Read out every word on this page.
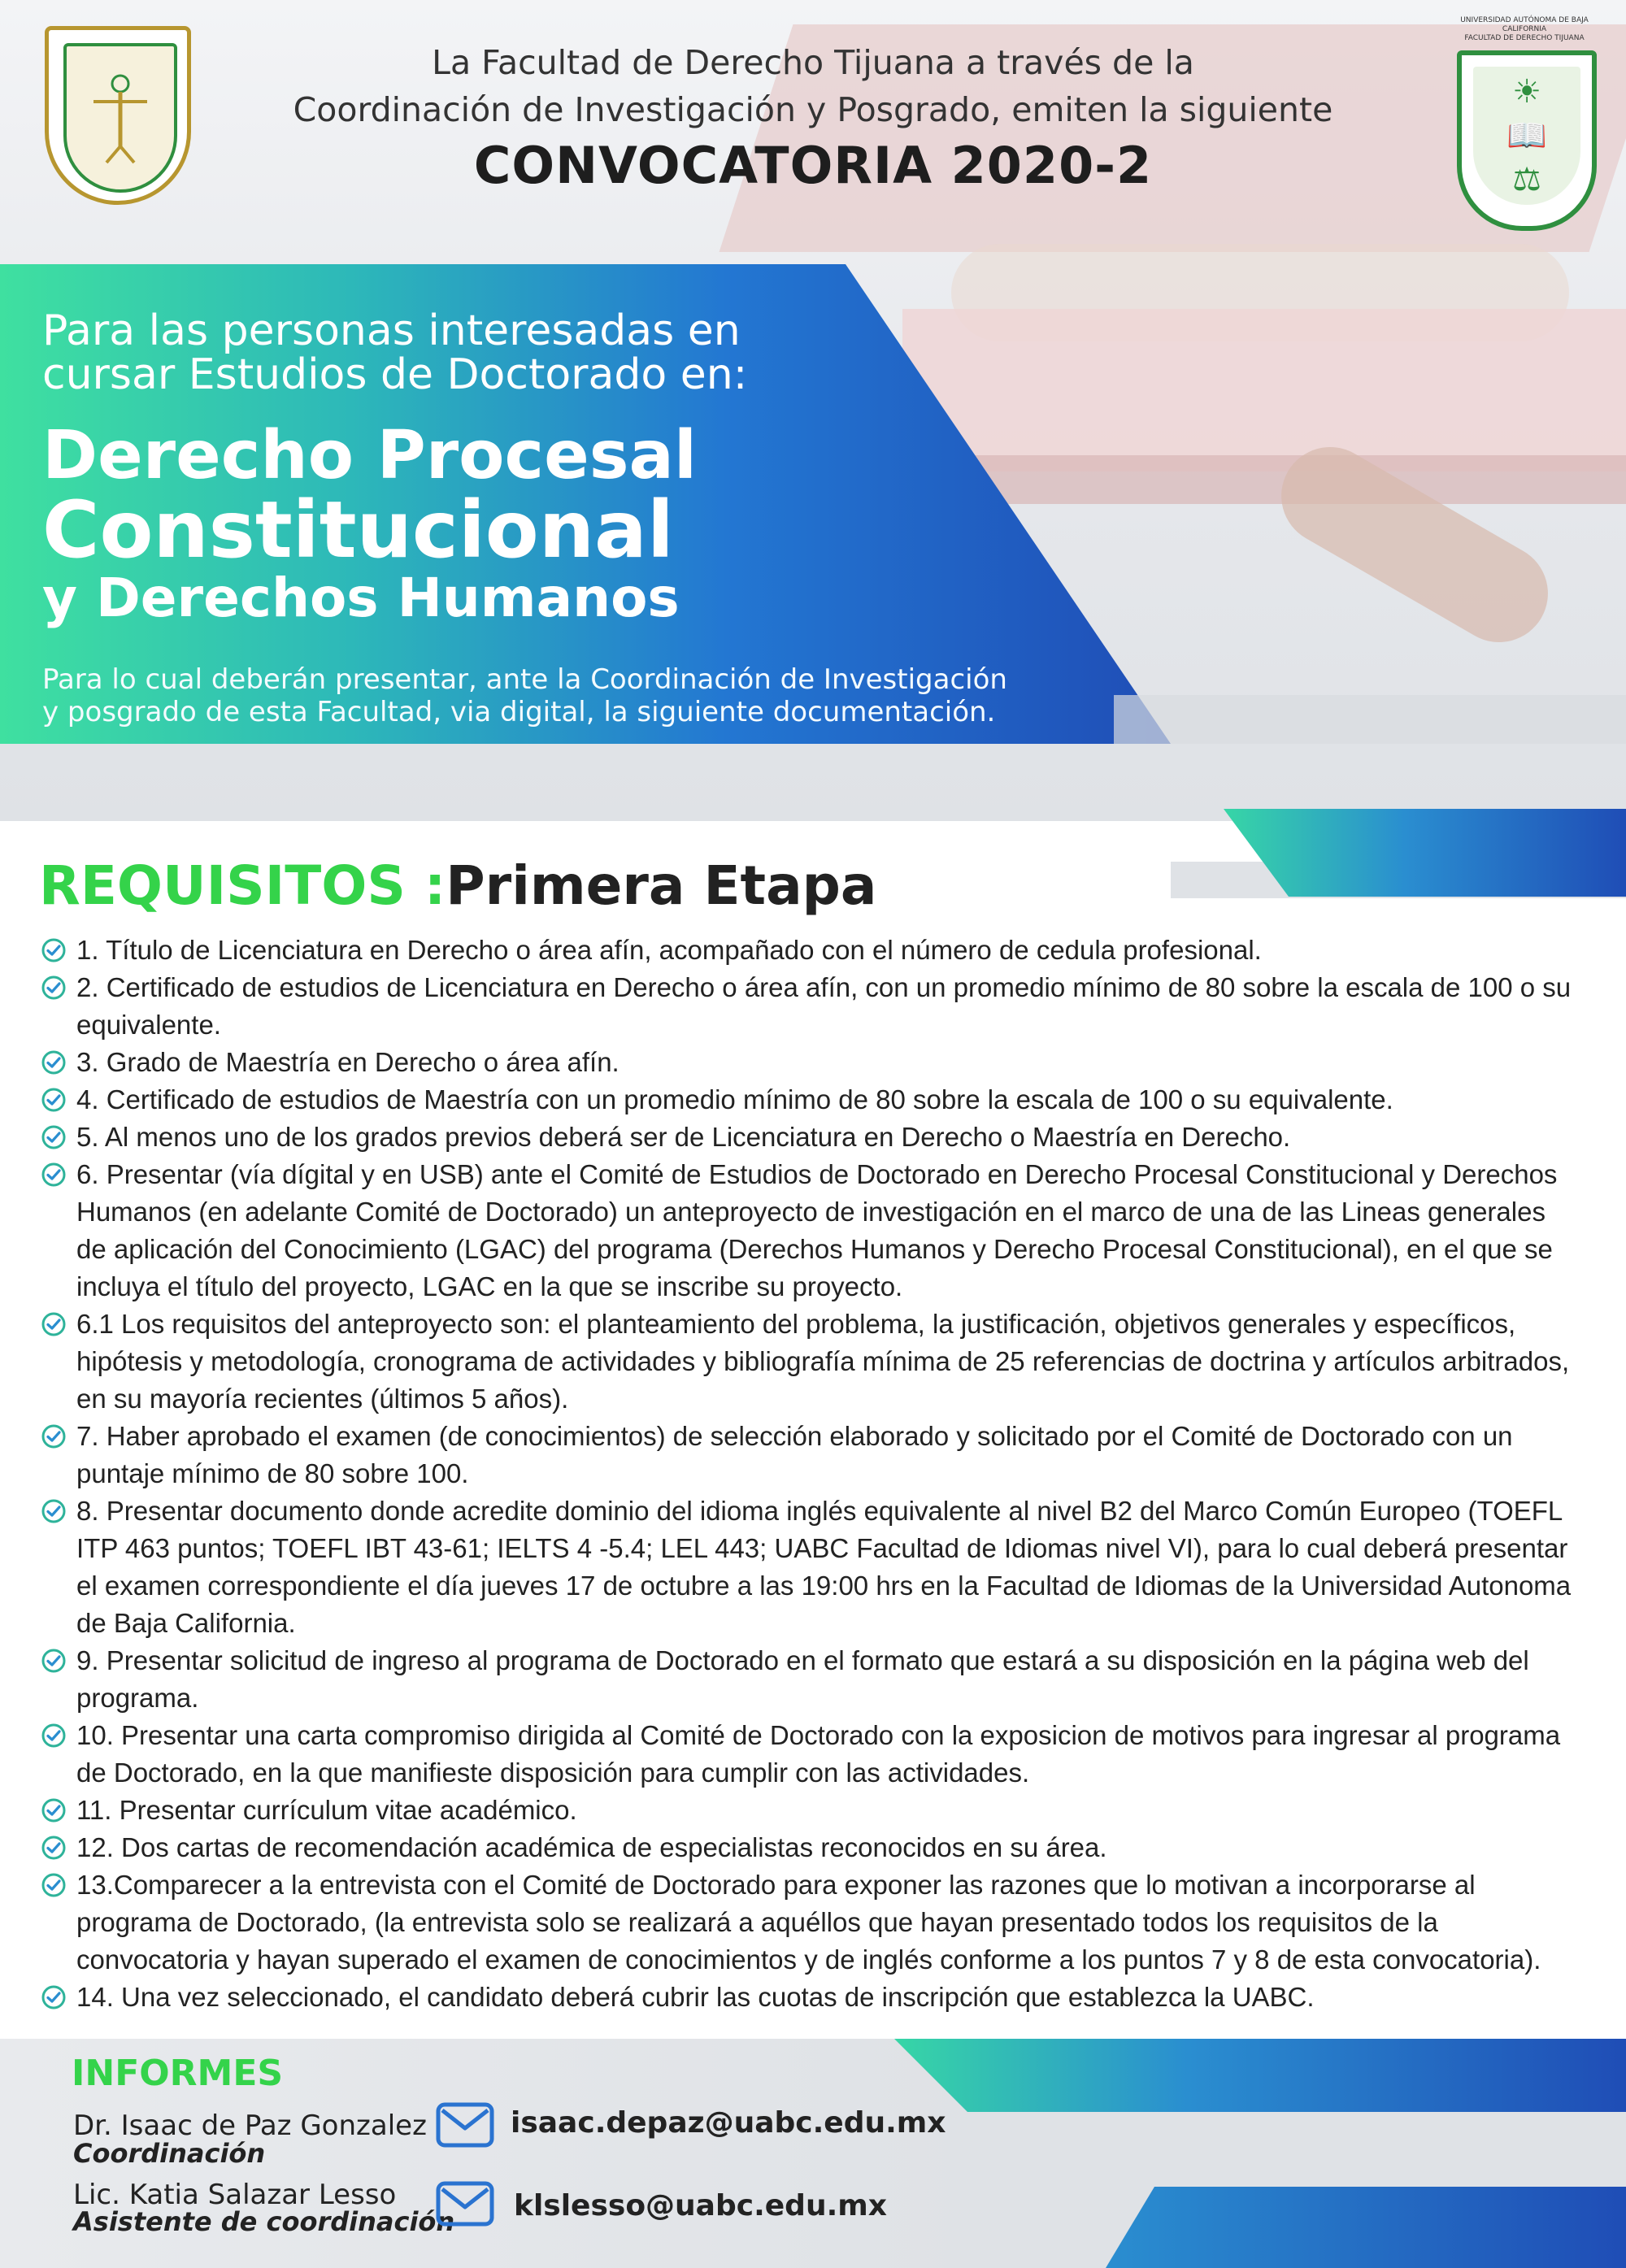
La Facultad de Derecho Tijuana a través de la
Coordinación de Investigación y Posgrado, emiten la siguiente
CONVOCATORIA 2020-2
UNIVERSIDAD AUTÓNOMA DE BAJA CALIFORNIA
FACULTAD DE DERECHO TIJUANA
☀
📖
⚖
Para las personas interesadas en
cursar Estudios de Doctorado en:
Derecho Procesal
Constitucional
y Derechos Humanos
Para lo cual deberán presentar, ante la Coordinación de Investigación
y posgrado de esta Facultad, via digital, la siguiente documentación.
REQUISITOS :Primera Etapa
1. Título de Licenciatura en Derecho o área afín, acompañado con el número de cedula profesional.
2. Certificado de estudios de Licenciatura en Derecho o área afín, con un promedio mínimo de 80 sobre la escala de 100 o su equivalente.
3. Grado de Maestría en Derecho o área afín.
4. Certificado de estudios de Maestría con un promedio mínimo de 80 sobre la escala de 100 o su equivalente.
5. Al menos uno de los grados previos deberá ser de Licenciatura en Derecho o Maestría en Derecho.
6. Presentar (vía dígital y en USB) ante el Comité de Estudios de Doctorado en Derecho Procesal Constitucional y Derechos Humanos (en adelante Comité de Doctorado) un anteproyecto de investigación en el marco de una de las Lineas generales de aplicación del Conocimiento (LGAC) del programa (Derechos Humanos y Derecho Procesal Constitucional), en el que se incluya el título del proyecto, LGAC en la que se inscribe su proyecto.
6.1 Los requisitos del anteproyecto son: el planteamiento del problema, la justificación, objetivos generales y específicos, hipótesis y metodología, cronograma de actividades y bibliografía mínima de 25 referencias de doctrina y artículos arbitrados, en su mayoría recientes (últimos 5 años).
7. Haber aprobado el examen (de conocimientos) de selección elaborado y solicitado por el Comité de Doctorado con un puntaje mínimo de 80 sobre 100.
8. Presentar documento donde acredite dominio del idioma inglés equivalente al nivel B2 del Marco Común Europeo (TOEFL ITP 463 puntos; TOEFL IBT 43-61; IELTS 4 -5.4; LEL 443; UABC Facultad de Idiomas nivel VI), para lo cual deberá presentar el examen correspondiente el día jueves 17 de octubre a las 19:00 hrs en la Facultad de Idiomas de la Universidad Autonoma de Baja California.
9. Presentar solicitud de ingreso al programa de Doctorado en el formato que estará a su disposición en la página web del programa.
10. Presentar una carta compromiso dirigida al Comité de Doctorado con la exposicion de motivos para ingresar al programa de Doctorado, en la que manifieste disposición para cumplir con las actividades.
11. Presentar currículum vitae académico.
12. Dos cartas de recomendación académica de especialistas reconocidos en su área.
13.Comparecer a la entrevista con el Comité de Doctorado para exponer las razones que lo motivan a incorporarse al programa de Doctorado, (la entrevista solo se realizará a aquéllos que hayan presentado todos los requisitos de la convocatoria y hayan superado el examen de conocimientos y de inglés conforme a los puntos 7 y 8 de esta convocatoria).
14. Una vez seleccionado, el candidato deberá cubrir las cuotas de inscripción que establezca la UABC.
INFORMES
Dr. Isaac de Paz Gonzalez
Coordinación
Lic. Katia Salazar Lesso
Asistente de coordinación
isaac.depaz@uabc.edu.mx
klslesso@uabc.edu.mx
